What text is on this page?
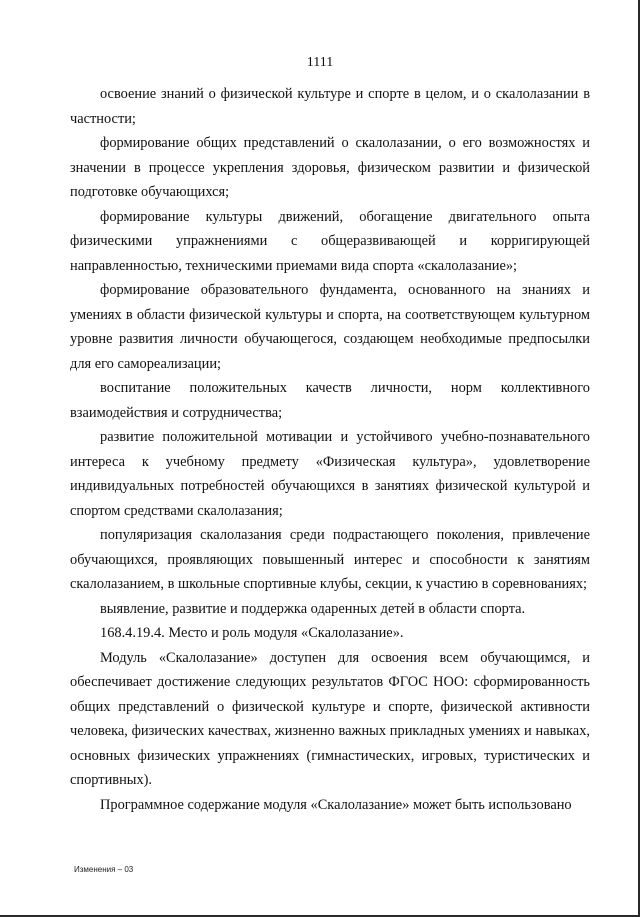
1111

освоение знаний о физической культуре и спорте в целом, и о скалолазании в частности;

формирование общих представлений о скалолазании, о его возможностях и значении в процессе укрепления здоровья, физическом развитии и физической подготовке обучающихся;

формирование культуры движений, обогащение двигательного опыта физическими упражнениями с общеразвивающей и корригирующей направленностью, техническими приемами вида спорта «скалолазание»;

формирование образовательного фундамента, основанного на знаниях и умениях в области физической культуры и спорта, на соответствующем культурном уровне развития личности обучающегося, создающем необходимые предпосылки для его самореализации;

воспитание положительных качеств личности, норм коллективного взаимодействия и сотрудничества;

развитие положительной мотивации и устойчивого учебно-познавательного интереса к учебному предмету «Физическая культура», удовлетворение индивидуальных потребностей обучающихся в занятиях физической культурой и спортом средствами скалолазания;

популяризация скалолазания среди подрастающего поколения, привлечение обучающихся, проявляющих повышенный интерес и способности к занятиям скалолазанием, в школьные спортивные клубы, секции, к участию в соревнованиях;

выявление, развитие и поддержка одаренных детей в области спорта.

168.4.19.4. Место и роль модуля «Скалолазание».

Модуль «Скалолазание» доступен для освоения всем обучающимся, и обеспечивает достижение следующих результатов ФГОС НОО: сформированность общих представлений о физической культуре и спорте, физической активности человека, физических качествах, жизненно важных прикладных умениях и навыках, основных физических упражнениях (гимнастических, игровых, туристических и спортивных).

Программное содержание модуля «Скалолазание» может быть использовано

Изменения – 03
